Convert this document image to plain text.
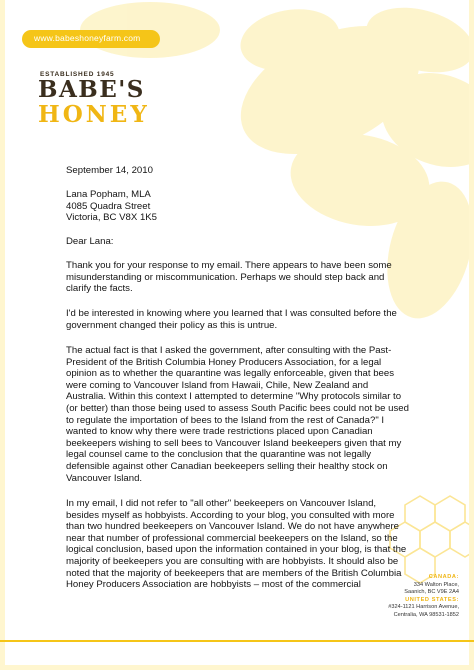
www.babeshoneyfarm.com
ESTABLISHED 1945
BABE'S
HONEY
September 14, 2010
Lana Popham, MLA
4085 Quadra Street
Victoria, BC V8X 1K5
Dear Lana:
Thank you for your response to my email. There appears to have been some
misunderstanding or miscommunication. Perhaps we should step back and
clarify the facts.
I'd be interested in knowing where you learned that I was consulted before the
government changed their policy as this is untrue.
The actual fact is that I asked the government, after consulting with the Past-
President of the British Columbia Honey Producers Association, for a legal
opinion as to whether the quarantine was legally enforceable, given that bees
were coming to Vancouver Island from Hawaii, Chile, New Zealand and
Australia. Within this context I attempted to determine "Why protocols similar to
(or better) than those being used to assess South Pacific bees could not be used
to regulate the importation of bees to the Island from the rest of Canada?" I
wanted to know why there were trade restrictions placed upon Canadian
beekeepers wishing to sell bees to Vancouver Island beekeepers given that my
legal counsel came to the conclusion that the quarantine was not legally
defensible against other Canadian beekeepers selling their healthy stock on
Vancouver Island.
In my email, I did not refer to "all other" beekeepers on Vancouver Island,
besides myself as hobbyists. According to your blog, you consulted with more
than two hundred beekeepers on Vancouver Island. We do not have anywhere
near that number of professional commercial beekeepers on the Island, so the
logical conclusion, based upon the information contained in your blog, is that the
majority of beekeepers you are consulting with are hobbyists. It should also be
noted that the majority of beekeepers that are members of the British Columbia
Honey Producers Association are hobbyists – most of the commercial
CANADA:
334 Walton Place,
Saanich, BC V9E 2A4
UNITED STATES:
#324-1121 Harrison Avenue,
Centralia, WA 98531-1852
